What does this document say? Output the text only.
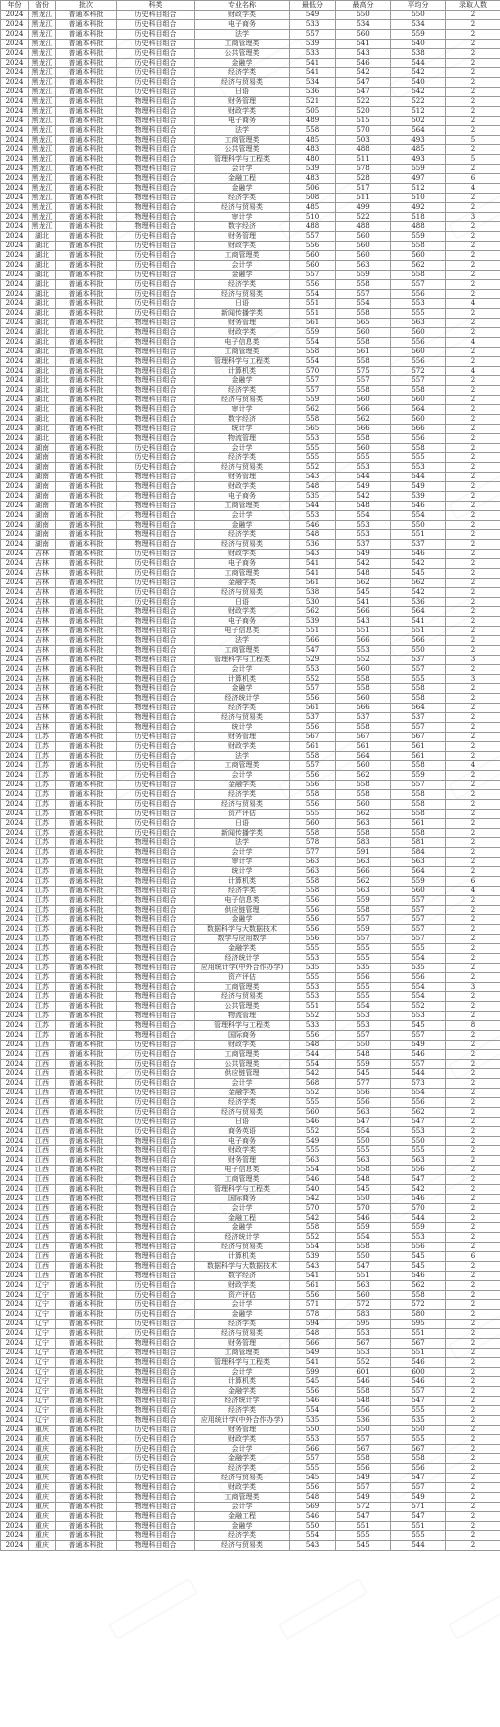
年份	省份	批次	科类	专业名称	最低分	最高分	平均分	录取人数
2024	黑龙江	普通本科批	历史科目组合	财政学类	549	550	550	2
2024	黑龙江	普通本科批	历史科目组合	电子商务	533	534	534	2
2024	黑龙江	普通本科批	历史科目组合	法学	557	560	559	2
2024	黑龙江	普通本科批	历史科目组合	工商管理类	539	541	540	2
2024	黑龙江	普通本科批	历史科目组合	公共管理类	533	543	538	2
2024	黑龙江	普通本科批	历史科目组合	金融学	541	546	544	2
2024	黑龙江	普通本科批	历史科目组合	经济学类	541	542	542	2
2024	黑龙江	普通本科批	历史科目组合	经济与贸易类	534	547	540	2
2024	黑龙江	普通本科批	历史科目组合	日语	536	547	542	2
2024	黑龙江	普通本科批	物理科目组合	财务管理	521	522	522	2
2024	黑龙江	普通本科批	物理科目组合	财政学类	505	520	512	2
2024	黑龙江	普通本科批	物理科目组合	电子商务	489	515	502	2
2024	黑龙江	普通本科批	物理科目组合	法学	558	570	564	2
2024	黑龙江	普通本科批	物理科目组合	工商管理类	485	503	493	5
2024	黑龙江	普通本科批	物理科目组合	公共管理类	483	488	485	2
2024	黑龙江	普通本科批	物理科目组合	管理科学与工程类	480	511	493	5
2024	黑龙江	普通本科批	物理科目组合	会计学	539	578	559	2
2024	黑龙江	普通本科批	物理科目组合	金融工程	483	528	497	6
2024	黑龙江	普通本科批	物理科目组合	金融学	506	517	512	4
2024	黑龙江	普通本科批	物理科目组合	经济学类	508	511	510	2
2024	黑龙江	普通本科批	物理科目组合	经济与贸易类	485	499	492	2
2024	黑龙江	普通本科批	物理科目组合	审计学	510	522	518	3
2024	黑龙江	普通本科批	物理科目组合	数字经济	488	488	488	2
2024	湖北	普通本科批	历史科目组合	财务管理	557	560	559	2
2024	湖北	普通本科批	历史科目组合	财政学类	556	560	558	2
2024	湖北	普通本科批	历史科目组合	工商管理类	560	560	560	2
2024	湖北	普通本科批	历史科目组合	会计学	560	563	562	2
2024	湖北	普通本科批	历史科目组合	金融学	557	559	558	2
2024	湖北	普通本科批	历史科目组合	经济学类	556	558	557	2
2024	湖北	普通本科批	历史科目组合	经济与贸易类	554	557	556	2
2024	湖北	普通本科批	历史科目组合	日语	551	554	553	4
2024	湖北	普通本科批	历史科目组合	新闻传播学类	551	558	555	2
2024	湖北	普通本科批	物理科目组合	财务管理	561	565	563	2
2024	湖北	普通本科批	物理科目组合	财政学类	559	560	560	2
2024	湖北	普通本科批	物理科目组合	电子信息类	554	558	556	4
2024	湖北	普通本科批	物理科目组合	工商管理类	558	561	560	2
2024	湖北	普通本科批	物理科目组合	管理科学与工程类	554	558	556	2
2024	湖北	普通本科批	物理科目组合	计算机类	570	575	572	4
2024	湖北	普通本科批	物理科目组合	金融学	557	557	557	2
2024	湖北	普通本科批	物理科目组合	经济学类	557	558	558	2
2024	湖北	普通本科批	物理科目组合	经济与贸易类	559	560	560	2
2024	湖北	普通本科批	物理科目组合	审计学	562	566	564	2
2024	湖北	普通本科批	物理科目组合	数字经济	558	562	560	2
2024	湖北	普通本科批	物理科目组合	统计学	565	566	566	2
2024	湖北	普通本科批	物理科目组合	物流管理	553	558	556	2
2024	湖南	普通本科批	历史科目组合	会计学	555	560	558	2
2024	湖南	普通本科批	历史科目组合	经济学类	555	555	555	2
2024	湖南	普通本科批	历史科目组合	经济与贸易类	552	553	553	2
2024	湖南	普通本科批	物理科目组合	财务管理	543	544	544	2
2024	湖南	普通本科批	物理科目组合	财政学类	548	549	549	2
2024	湖南	普通本科批	物理科目组合	电子商务	535	542	539	2
2024	湖南	普通本科批	物理科目组合	工商管理类	544	548	546	2
2024	湖南	普通本科批	物理科目组合	会计学	553	554	554	2
2024	湖南	普通本科批	物理科目组合	金融学	546	553	550	2
2024	湖南	普通本科批	物理科目组合	经济学类	548	553	551	2
2024	湖南	普通本科批	物理科目组合	经济与贸易类	536	537	537	2
2024	吉林	普通本科批	历史科目组合	财政学类	543	549	546	2
2024	吉林	普通本科批	历史科目组合	电子商务	541	542	542	2
2024	吉林	普通本科批	历史科目组合	工商管理类	541	548	545	2
2024	吉林	普通本科批	历史科目组合	金融学类	561	562	562	2
2024	吉林	普通本科批	历史科目组合	经济与贸易类	538	545	542	2
2024	吉林	普通本科批	历史科目组合	日语	530	541	536	2
2024	吉林	普通本科批	物理科目组合	财政学类	562	566	564	2
2024	吉林	普通本科批	物理科目组合	电子商务	539	543	541	2
2024	吉林	普通本科批	物理科目组合	电子信息类	551	551	551	2
2024	吉林	普通本科批	物理科目组合	法学	566	566	566	2
2024	吉林	普通本科批	物理科目组合	工商管理类	547	553	550	2
2024	吉林	普通本科批	物理科目组合	管理科学与工程类	529	552	537	3
2024	吉林	普通本科批	物理科目组合	会计学	553	560	557	2
2024	吉林	普通本科批	物理科目组合	计算机类	552	558	555	3
2024	吉林	普通本科批	物理科目组合	金融学	557	558	558	2
2024	吉林	普通本科批	物理科目组合	经济统计学	556	560	558	2
2024	吉林	普通本科批	物理科目组合	经济学类	561	566	564	2
2024	吉林	普通本科批	物理科目组合	经济与贸易类	537	537	537	2
2024	吉林	普通本科批	物理科目组合	统计学	556	558	557	2
2024	江苏	普通本科批	历史科目组合	财务管理	567	567	567	2
2024	江苏	普通本科批	历史科目组合	财政学类	561	561	561	2
2024	江苏	普通本科批	历史科目组合	法学	558	564	561	2
2024	江苏	普通本科批	历史科目组合	工商管理类	557	560	558	4
2024	江苏	普通本科批	历史科目组合	会计学	556	562	559	2
2024	江苏	普通本科批	历史科目组合	金融学类	556	558	557	2
2024	江苏	普通本科批	历史科目组合	经济学类	558	558	558	2
2024	江苏	普通本科批	历史科目组合	经济与贸易类	556	560	558	2
2024	江苏	普通本科批	历史科目组合	资产评估	555	562	558	2
2024	江苏	普通本科批	历史科目组合	日语	560	563	561	2
2024	江苏	普通本科批	历史科目组合	新闻传播学类	558	558	558	2
2024	江苏	普通本科批	物理科目组合	法学	578	583	581	2
2024	江苏	普通本科批	物理科目组合	会计学	577	591	584	2
2024	江苏	普通本科批	物理科目组合	审计学	563	563	563	2
2024	江苏	普通本科批	物理科目组合	统计学	563	566	564	2
2024	江苏	普通本科批	物理科目组合	计算机类	558	562	559	6
2024	江苏	普通本科批	物理科目组合	经济学类	558	563	560	4
2024	江苏	普通本科批	物理科目组合	电子信息类	556	559	557	2
2024	江苏	普通本科批	物理科目组合	供应链管理	556	558	557	2
2024	江苏	普通本科批	物理科目组合	金融学	556	557	557	2
2024	江苏	普通本科批	物理科目组合	数据科学与大数据技术	556	559	557	2
2024	江苏	普通本科批	物理科目组合	数学与应用数学	556	557	557	2
2024	江苏	普通本科批	物理科目组合	金融学类	555	555	555	2
2024	江苏	普通本科批	物理科目组合	经济统计学	553	555	554	2
2024	江苏	普通本科批	物理科目组合	应用统计学(中外合作办学)	535	535	535	2
2024	江苏	普通本科批	物理科目组合	资产评估	555	556	556	2
2024	江苏	普通本科批	物理科目组合	工商管理类	553	555	554	3
2024	江苏	普通本科批	物理科目组合	经济与贸易类	553	555	554	2
2024	江苏	普通本科批	物理科目组合	公共管理类	551	554	552	2
2024	江苏	普通本科批	物理科目组合	物流管理	552	553	553	2
2024	江苏	普通本科批	物理科目组合	管理科学与工程类	533	553	545	8
2024	江苏	普通本科批	物理科目组合	国际商务	556	557	557	2
2024	江西	普通本科批	历史科目组合	财政学类	548	550	549	2
2024	江西	普通本科批	历史科目组合	工商管理类	544	548	546	2
2024	江西	普通本科批	历史科目组合	公共管理类	554	559	557	2
2024	江西	普通本科批	历史科目组合	供应链管理	542	545	544	2
2024	江西	普通本科批	历史科目组合	会计学	568	577	573	2
2024	江西	普通本科批	历史科目组合	金融学类	552	556	554	2
2024	江西	普通本科批	历史科目组合	经济学类	555	556	556	2
2024	江西	普通本科批	历史科目组合	经济与贸易类	560	563	562	2
2024	江西	普通本科批	历史科目组合	日语	546	547	547	2
2024	江西	普通本科批	历史科目组合	商务英语	552	554	553	2
2024	江西	普通本科批	物理科目组合	电子商务	549	550	550	2
2024	江西	普通本科批	物理科目组合	财政学类	555	555	555	2
2024	江西	普通本科批	物理科目组合	财务管理	563	563	563	2
2024	江西	普通本科批	物理科目组合	电子信息类	554	558	556	2
2024	江西	普通本科批	物理科目组合	工商管理类	546	548	547	2
2024	江西	普通本科批	物理科目组合	管理科学与工程类	540	545	542	2
2024	江西	普通本科批	物理科目组合	国际商务	542	550	546	2
2024	江西	普通本科批	物理科目组合	会计学	570	570	570	2
2024	江西	普通本科批	物理科目组合	金融工程	542	546	544	2
2024	江西	普通本科批	物理科目组合	金融学	558	559	559	2
2024	江西	普通本科批	物理科目组合	经济统计学	552	554	553	2
2024	江西	普通本科批	物理科目组合	经济与贸易类	554	558	556	2
2024	江西	普通本科批	物理科目组合	计算机类	539	550	545	6
2024	江西	普通本科批	物理科目组合	数据科学与大数据技术	543	547	545	2
2024	江西	普通本科批	物理科目组合	数字经济	541	551	546	2
2024	辽宁	普通本科批	历史科目组合	财政学类	561	563	562	2
2024	辽宁	普通本科批	历史科目组合	资产评估	556	560	558	2
2024	辽宁	普通本科批	历史科目组合	会计学	571	572	572	2
2024	辽宁	普通本科批	历史科目组合	金融学	578	583	580	2
2024	辽宁	普通本科批	历史科目组合	经济学类	594	595	595	2
2024	辽宁	普通本科批	历史科目组合	经济与贸易类	548	553	551	2
2024	辽宁	普通本科批	物理科目组合	财务管理	566	567	567	2
2024	辽宁	普通本科批	物理科目组合	工商管理类	549	553	551	2
2024	辽宁	普通本科批	物理科目组合	管理科学与工程类	541	552	546	2
2024	辽宁	普通本科批	物理科目组合	会计学	599	601	600	2
2024	辽宁	普通本科批	物理科目组合	计算机类	545	546	546	2
2024	辽宁	普通本科批	物理科目组合	金融学类	556	558	557	2
2024	辽宁	普通本科批	物理科目组合	经济统计学	546	548	547	2
2024	辽宁	普通本科批	物理科目组合	经济学类	554	556	555	2
2024	辽宁	普通本科批	物理科目组合	应用统计学(中外合作办学)	535	536	535	2
2024	重庆	普通本科批	历史科目组合	财务管理	550	550	550	2
2024	重庆	普通本科批	历史科目组合	财政学类	553	557	555	2
2024	重庆	普通本科批	历史科目组合	会计学	566	567	567	2
2024	重庆	普通本科批	历史科目组合	金融学类	557	558	558	2
2024	重庆	普通本科批	历史科目组合	经济学类	555	556	556	2
2024	重庆	普通本科批	历史科目组合	经济与贸易类	545	549	547	2
2024	重庆	普通本科批	物理科目组合	财政学类	556	557	557	2
2024	重庆	普通本科批	物理科目组合	工商管理类	548	549	549	2
2024	重庆	普通本科批	物理科目组合	会计学	569	572	571	2
2024	重庆	普通本科批	物理科目组合	金融工程	546	547	547	2
2024	重庆	普通本科批	物理科目组合	金融学	550	551	551	2
2024	重庆	普通本科批	物理科目组合	经济学类	554	555	555	2
2024	重庆	普通本科批	物理科目组合	经济与贸易类	543	545	544	2
